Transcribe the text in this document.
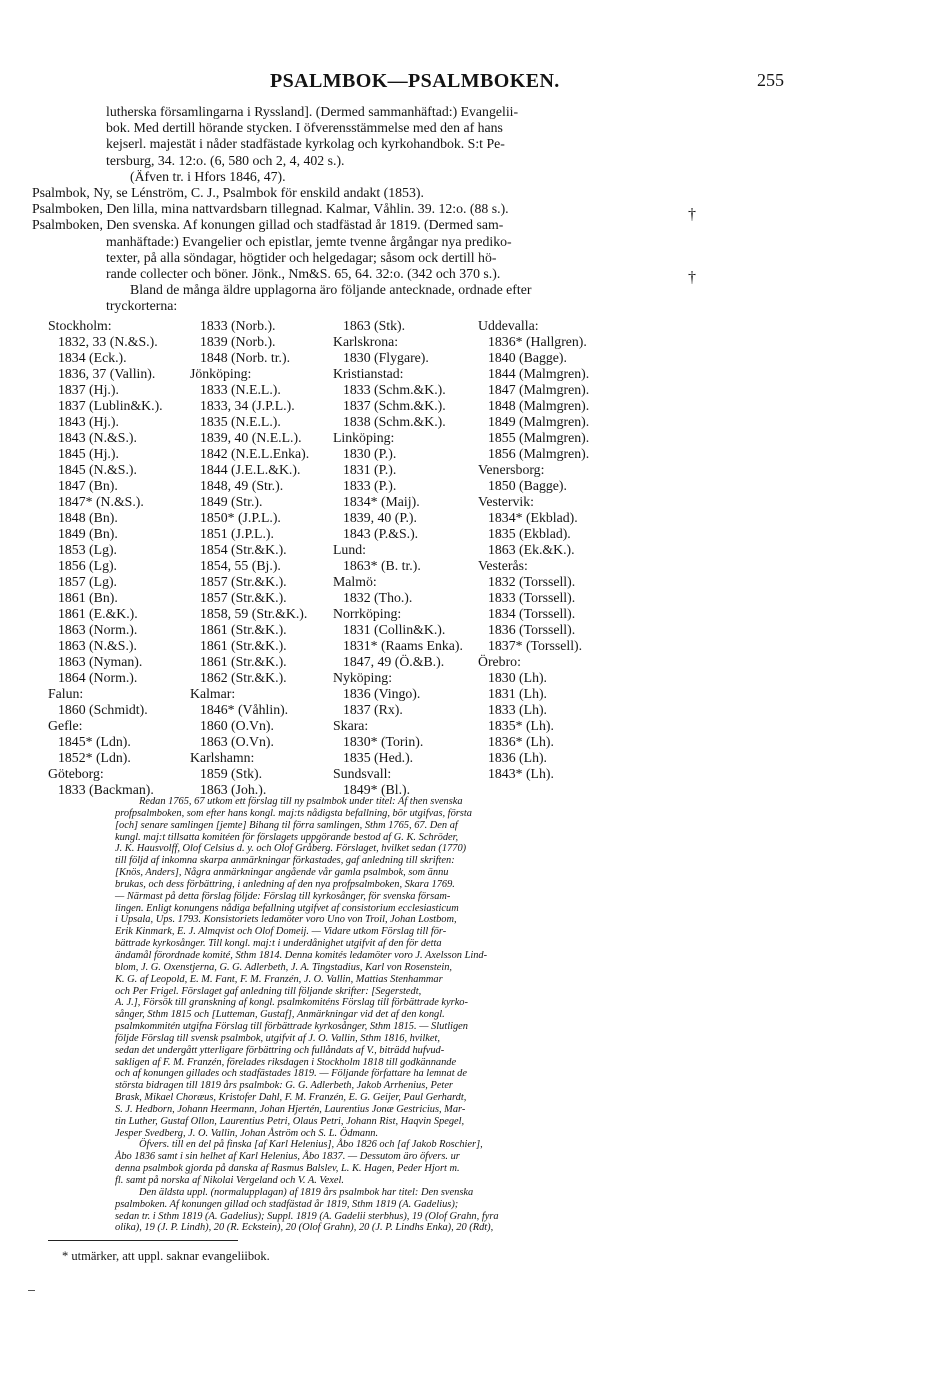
PSALMBOK—PSALMBOKEN.	255
lutherska församlingarna i Ryssland]. (Dermed sammanhäftad:) Evangelii-
bok. Med dertill hörande stycken. I öfverensstämmelse med den af hans
kejserl. majestät i nåder stadfästade kyrkolag och kyrkohandbok. S:t Pe-
tersburg, 34. 12:o. (6, 580 och 2, 4, 402 s.).
(Äfven tr. i Hfors 1846, 47).
Psalmbok, Ny, se Lénström, C. J., Psalmbok för enskild andakt (1853).
Psalmboken, Den lilla, mina nattvardsbarn tillegnad. Kalmar, Våhlin. 39. 12:o. (88 s.).
Psalmboken, Den svenska. Af konungen gillad och stadfästad år 1819. (Dermed sam-
manhäftade:) Evangelier och epistlar, jemte tvenne årgångar nya prediko-
texter, på alla söndagar, högtider och helgedagar; såsom ock dertill hö-
rande collecter och böner. Jönk., Nm&S. 65, 64. 32:o. (342 och 370 s.).
Bland de många äldre upplagorna äro följande antecknade, ordnade efter
tryckorterna:
†
†
Stockholm:
1832, 33 (N.&S.).
1834 (Eck.).
1836, 37 (Vallin).
1837 (Hj.).
1837 (Lublin&K.).
1843 (Hj.).
1843 (N.&S.).
1845 (Hj.).
1845 (N.&S.).
1847 (Bn).
1847* (N.&S.).
1848 (Bn).
1849 (Bn).
1853 (Lg).
1856 (Lg).
1857 (Lg).
1861 (Bn).
1861 (E.&K.).
1863 (Norm.).
1863 (N.&S.).
1863 (Nyman).
1864 (Norm.).
Falun:
1860 (Schmidt).
Gefle:
1845* (Ldn).
1852* (Ldn).
Göteborg:
1833 (Backman).
1833 (Norb.).
1839 (Norb.).
1848 (Norb. tr.).
Jönköping:
1833 (N.E.L.).
1833, 34 (J.P.L.).
1835 (N.E.L.).
1839, 40 (N.E.L.).
1842 (N.E.L.Enka).
1844 (J.E.L.&K.).
1848, 49 (Str.).
1849 (Str.).
1850* (J.P.L.).
1851 (J.P.L.).
1854 (Str.&K.).
1854, 55 (Bj.).
1857 (Str.&K.).
1857 (Str.&K.).
1858, 59 (Str.&K.).
1861 (Str.&K.).
1861 (Str.&K.).
1861 (Str.&K.).
1862 (Str.&K.).
Kalmar:
1846* (Våhlin).
1860 (O.Vn).
1863 (O.Vn).
Karlshamn:
1859 (Stk).
1863 (Joh.).
1863 (Stk).
Karlskrona:
1830 (Flygare).
Kristianstad:
1833 (Schm.&K.).
1837 (Schm.&K.).
1838 (Schm.&K.).
Linköping:
1830 (P.).
1831 (P.).
1833 (P.).
1834* (Maij).
1839, 40 (P.).
1843 (P.&S.).
Lund:
1863* (B. tr.).
Malmö:
1832 (Tho.).
Norrköping:
1831 (Collin&K.).
1831* (Raams Enka).
1847, 49 (Ö.&B.).
Nyköping:
1836 (Vingo).
1837 (Rx).
Skara:
1830* (Torin).
1835 (Hed.).
Sundsvall:
1849* (Bl.).
Uddevalla:
1836* (Hallgren).
1840 (Bagge).
1844 (Malmgren).
1847 (Malmgren).
1848 (Malmgren).
1849 (Malmgren).
1855 (Malmgren).
1856 (Malmgren).
Venersborg:
1850 (Bagge).
Vestervik:
1834* (Ekblad).
1835 (Ekblad).
1863 (Ek.&K.).
Vesterås:
1832 (Torssell).
1833 (Torssell).
1834 (Torssell).
1836 (Torssell).
1837* (Torssell).
Örebro:
1830 (Lh).
1831 (Lh).
1833 (Lh).
1835* (Lh).
1836* (Lh).
1836 (Lh).
1843* (Lh).
Redan 1765, 67 utkom ett förslag till ny psalmbok under titel: Af then svenska
profpsalmboken, som efter hans kongl. maj:ts nådigsta befallning, bör utgifvas, första
[och] senare samlingen [jemte] Bihang til förra samlingen, Sthm 1765, 67. Den af
kungl. maj:t tillsatta komitéen för förslagets uppgörande bestod af G. K. Schröder,
J. K. Hausvolff, Olof Celsius d. y. och Olof Gråberg. Förslaget, hvilket sedan (1770)
till följd af inkomna skarpa anmärkningar förkastades, gaf anledning till skriften:
[Knös, Anders], Några anmärkningar angående vår gamla psalmbok, som ännu
brukas, och dess förbättring, i anledning af den nya profpsalmboken, Skara 1769.
— Närmast på detta förslag följde: Förslag till kyrkosånger, för svenska försam-
lingen. Enligt konungens nådiga befallning utgifvet af consistorium ecclesiasticum
i Upsala, Ups. 1793. Konsistoriets ledamöter voro Uno von Troil, Johan Lostbom,
Erik Kinmark, E. J. Almqvist och Olof Domeij. — Vidare utkom Förslag till för-
bättrade kyrkosånger. Till kongl. maj:t i underdånighet utgifvit af den för detta
ändamål förordnade komité, Sthm 1814. Denna komités ledamöter voro J. Axelsson Lind-
blom, J. G. Oxenstjerna, G. G. Adlerbeth, J. A. Tingstadius, Karl von Rosenstein,
K. G. af Leopold, E. M. Fant, F. M. Franzén, J. O. Vallin, Mattias Stenhammar
och Per Frigel. Förslaget gaf anledning till följande skrifter: [Segerstedt,
A. J.], Försök till granskning af kongl. psalmkomiténs Förslag till förbättrade kyrko-
sånger, Sthm 1815 och [Lutteman, Gustaf], Anmärkningar vid det af den kongl.
psalmkommitén utgifna Förslag till förbättrade kyrkosånger, Sthm 1815. — Slutligen
följde Förslag till svensk psalmbok, utgifvit af J. O. Vallin, Sthm 1816, hvilket,
sedan det undergått ytterligare förbättring och fullåndats af V., biträdd hufvud-
sakligen af F. M. Franzén, förelades riksdagen i Stockholm 1818 till godkännande
och af konungen gillades och stadfästades 1819. — Följande författare ha lemnat de
största bidragen till 1819 års psalmbok: G. G. Adlerbeth, Jakob Arrhenius, Peter
Brask, Mikael Choræus, Kristofer Dahl, F. M. Franzén, E. G. Geijer, Paul Gerhardt,
S. J. Hedborn, Johann Heermann, Johan Hjertén, Laurentius Jonæ Gestricius, Mar-
tin Luther, Gustaf Ollon, Laurentius Petri, Olaus Petri, Johann Rist, Haqvin Spegel,
Jesper Svedberg, J. O. Vallin, Johan Åström och S. L. Ödmann.
Öfvers. till en del på finska [af Karl Helenius], Åbo 1826 och [af Jakob Roschier],
Åbo 1836 samt i sin helhet af Karl Helenius, Åbo 1837. — Dessutom äro öfvers. ur
denna psalmbok gjorda på danska af Rasmus Balslev, L. K. Hagen, Peder Hjort m.
fl. samt på norska af Nikolai Vergeland och V. A. Vexel.
Den äldsta uppl. (normalupplagan) af 1819 års psalmbok har titel: Den svenska
psalmboken. Af konungen gillad och stadfästad år 1819, Sthm 1819 (A. Gadelius);
sedan tr. i Sthm 1819 (A. Gadelius); Suppl. 1819 (A. Gadelii sterbhus), 19 (Olof Grahn, fyra
olika), 19 (J. P. Lindh), 20 (R. Eckstein), 20 (Olof Grahn), 20 (J. P. Lindhs Enka), 20 (Rdt),
* utmärker, att uppl. saknar evangeliibok.
